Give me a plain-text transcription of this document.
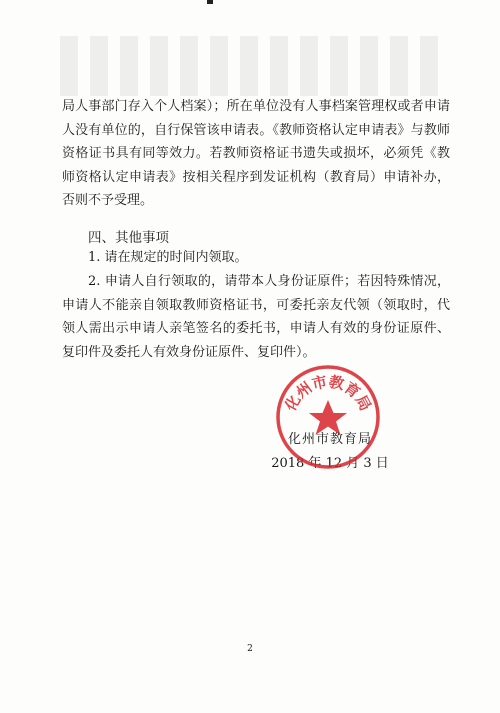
局人事部门存入个人档案）；所在单位没有人事档案管理权或者申请人没有单位的，自行保管该申请表。《教师资格认定申请表》与教师资格证书具有同等效力。若教师资格证书遗失或损坏，必须凭《教师资格认定申请表》按相关程序到发证机构（教育局）申请补办，否则不予受理。

四、其他事项

1. 请在规定的时间内领取。

2. 申请人自行领取的，请带本人身份证原件；若因特殊情况，申请人不能亲自领取教师资格证书，可委托亲友代领（领取时，代领人需出示申请人亲笔签名的委托书，申请人有效的身份证原件、复印件及委托人有效身份证原件、复印件）。

化州市教育局

2018 年 12 月 3 日

化州市教育局

2
